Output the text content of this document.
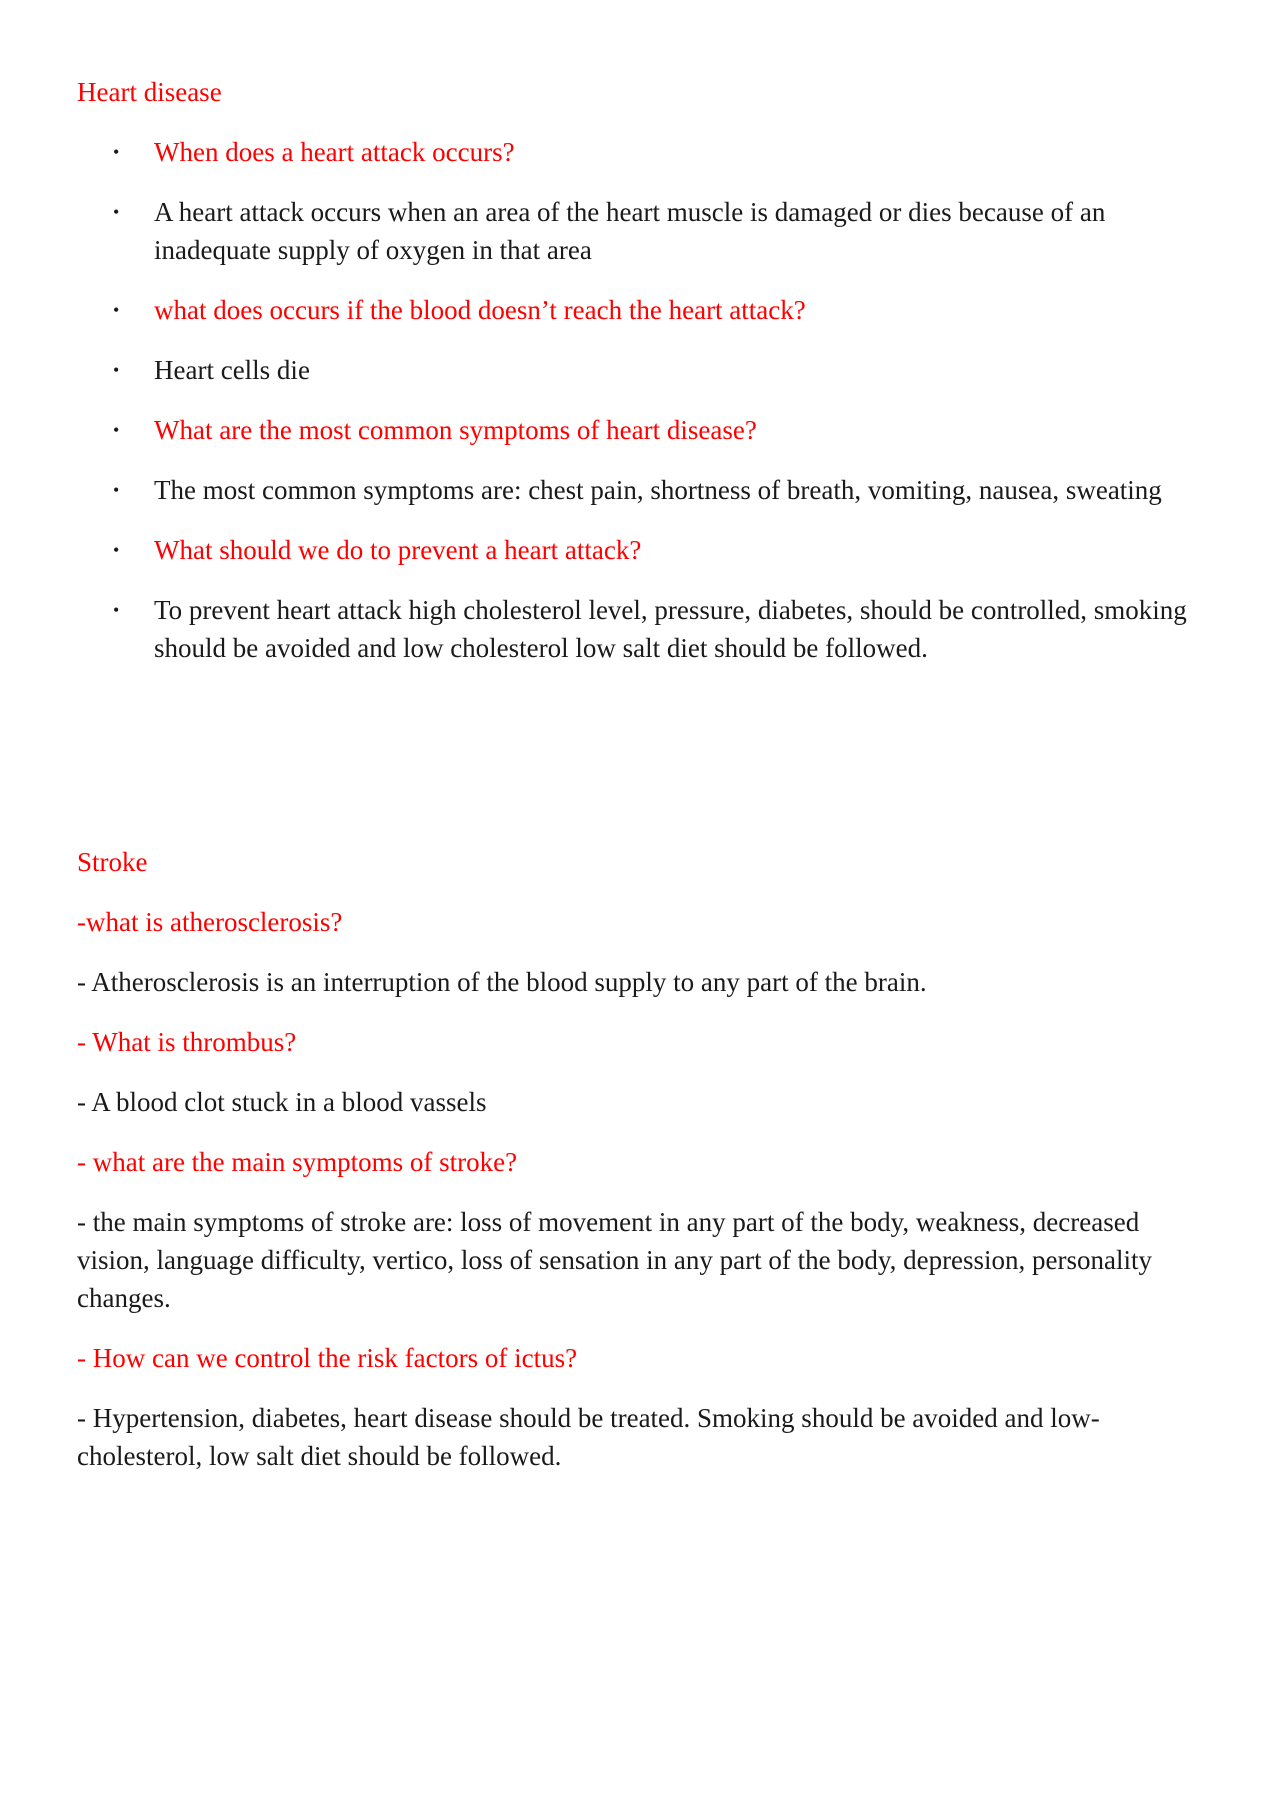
Heart disease
• When does a heart attack occurs?
• A heart attack occurs when an area of the heart muscle is damaged or dies because of an inadequate supply of oxygen in that area
• what does occurs if the blood doesn’t reach the heart attack?
• Heart cells die
• What are the most common symptoms of heart disease?
• The most common symptoms are: chest pain, shortness of breath, vomiting, nausea, sweating
• What should we do to prevent a heart attack?
• To prevent heart attack high cholesterol level, pressure, diabetes, should be controlled, smoking should be avoided and low cholesterol low salt diet should be followed.
Stroke

-what is atherosclerosis?

- Atherosclerosis is an interruption of the blood supply to any part of the brain.

- What is thrombus?

- A blood clot stuck in a blood vassels

- what are the main symptoms of stroke?

- the main symptoms of stroke are: loss of movement in any part of the body, weakness, decreased vision, language difficulty, vertico, loss of sensation in any part of the body, depression, personality changes.

- How can we control the risk factors of ictus?

- Hypertension, diabetes, heart disease should be treated. Smoking should be avoided and low- cholesterol, low salt diet should be followed.
